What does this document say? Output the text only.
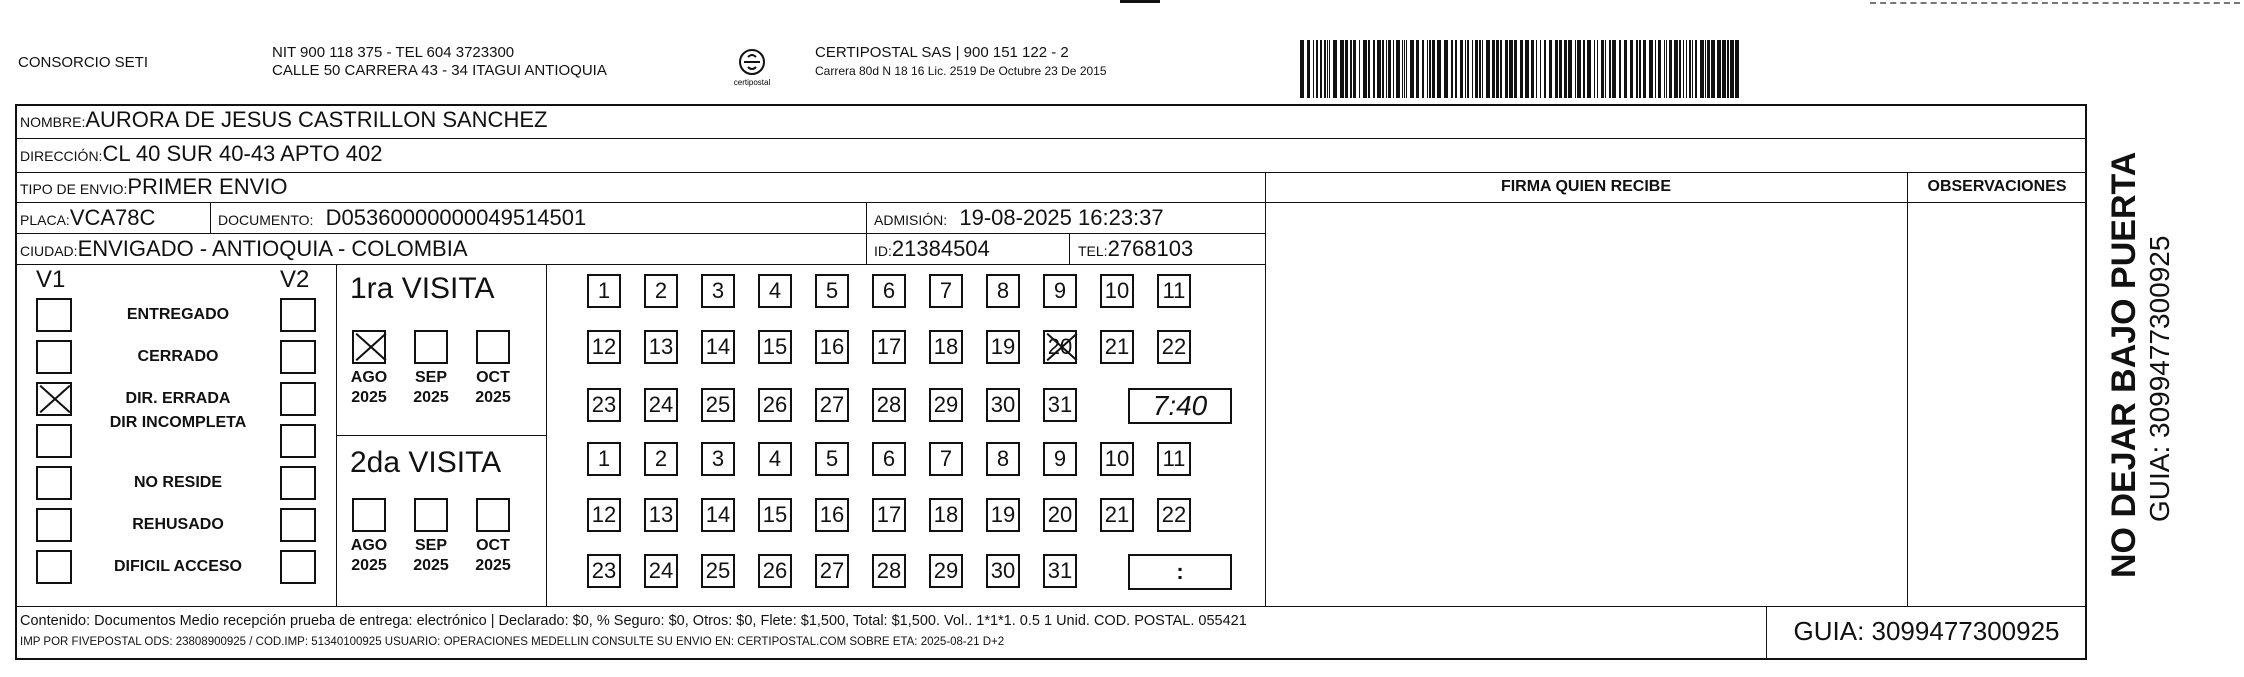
CONSORCIO SETI
NIT 900 118 375 - TEL 604 3723300
CALLE 50 CARRERA 43 - 34 ITAGUI ANTIOQUIA
certipostal
CERTIPOSTAL SAS | 900 151 122 - 2
Carrera 80d N 18 16 Lic. 2519 De Octubre 23 De 2015
NOMBRE:AURORA DE JESUS CASTRILLON SANCHEZ
DIRECCIÓN:CL 40 SUR 40-43 APTO 402
TIPO DE ENVIO:PRIMER ENVIO
PLACA:VCA78C	DOCUMENTO: D05360000000049514501	ADMISIÓN: 19-08-2025 16:23:37
CIUDAD:ENVIGADO - ANTIOQUIA - COLOMBIA	ID:21384504	TEL:2768103
FIRMA QUIEN RECIBE	OBSERVACIONES
V1	V2
ENTREGADO
CERRADO
DIR. ERRADA
DIR INCOMPLETA
NO RESIDE
REHUSADO
DIFICIL ACCESO
1ra VISITA
2da VISITA
AGO
2025
SEP
2025
OCT
2025
AGO
2025
SEP
2025
OCT
2025
1	2	3	4	5	6	7	8	9	10 11
12 13 14 15 16 17 18 19 20 21 22
23 24 25 26 27 28 29 30 31
1	2	3	4	5	6	7	8	9	10 11
12 13 14 15 16 17 18 19 20 21 22
23 24 25 26 27 28 29 30 31
7:40
:
Contenido: Documentos Medio recepción prueba de entrega: electrónico | Declarado: $0, % Seguro: $0, Otros: $0, Flete: $1,500, Total: $1,500. Vol.. 1*1*1. 0.5 1 Unid. COD. POSTAL. 055421
IMP POR FIVEPOSTAL ODS: 23808900925 / COD.IMP: 51340100925 USUARIO: OPERACIONES MEDELLIN CONSULTE SU ENVIO EN: CERTIPOSTAL.COM SOBRE ETA: 2025-08-21 D+2	GUIA: 3099477300925
NO DEJAR BAJO PUERTA GUIA: 3099477300925
